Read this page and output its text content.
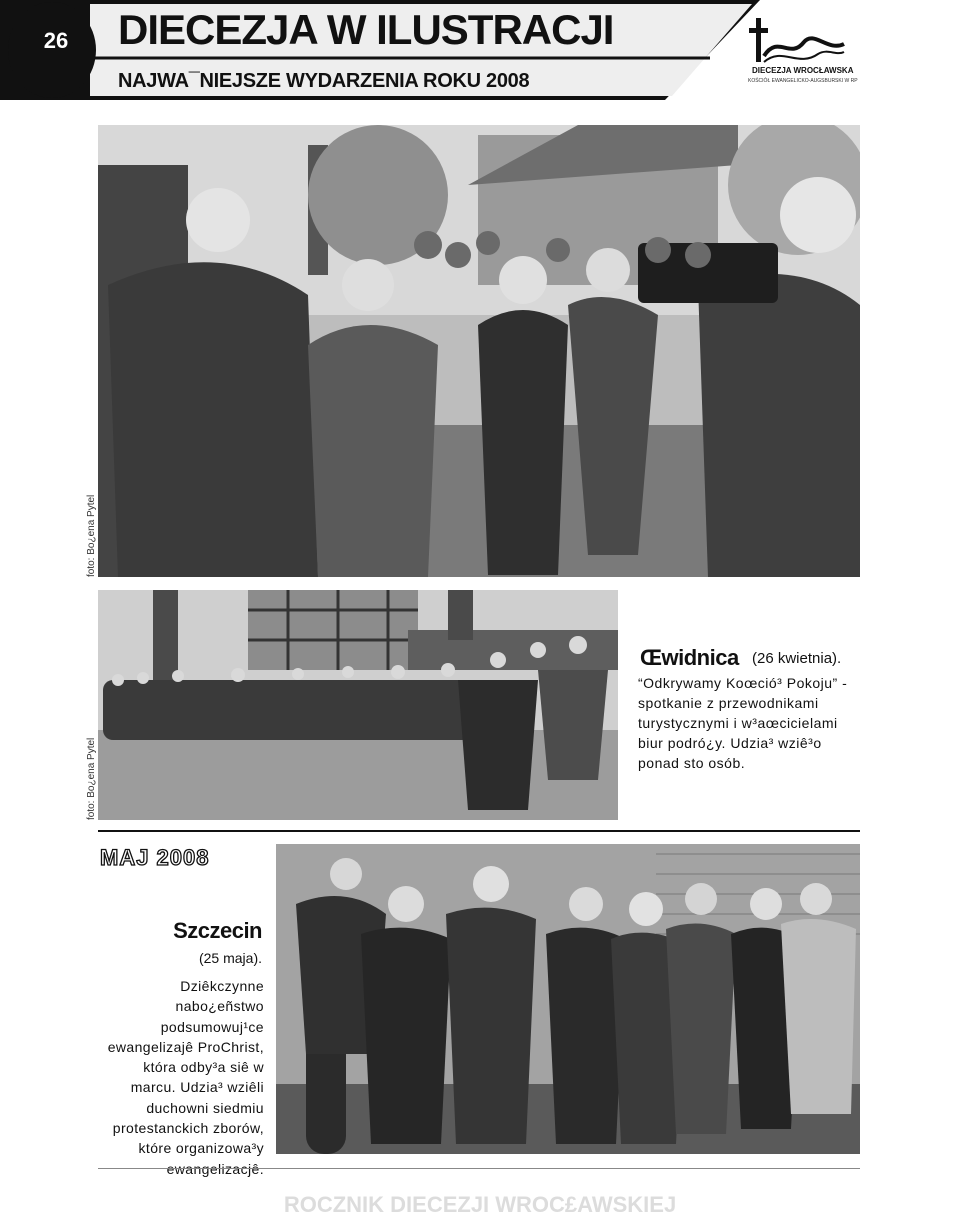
26	DIECEZJA W ILUSTRACJI
NAJWA¯NIEJSZE WYDARZENIA ROKU 2008	DIECEZJA WROCŁAWSKA
KOŚCIÓŁ EWANGELICKO-AUGSBURSKI W RP
foto: Bo¿ena Pytel
foto: Bo¿ena Pytel
Œwidnica (26 kwietnia).
“Odkrywamy Koœció³ Pokoju” - spotkanie z przewodnikami turystycznymi i w³aœcicielami biur podró¿y. Udzia³ wziê³o ponad sto osób.
MAJ 2008
Szczecin
(25 maja).
Dziêkczynne nabo¿eñstwo podsumowuj¹ce ewangelizajê ProChrist, która odby³a siê w marcu. Udzia³ wziêli duchowni siedmiu protestanckich zborów, które organizowa³y ewangelizacjê.
ROCZNIK DIECEZJI WROC£AWSKIEJ
